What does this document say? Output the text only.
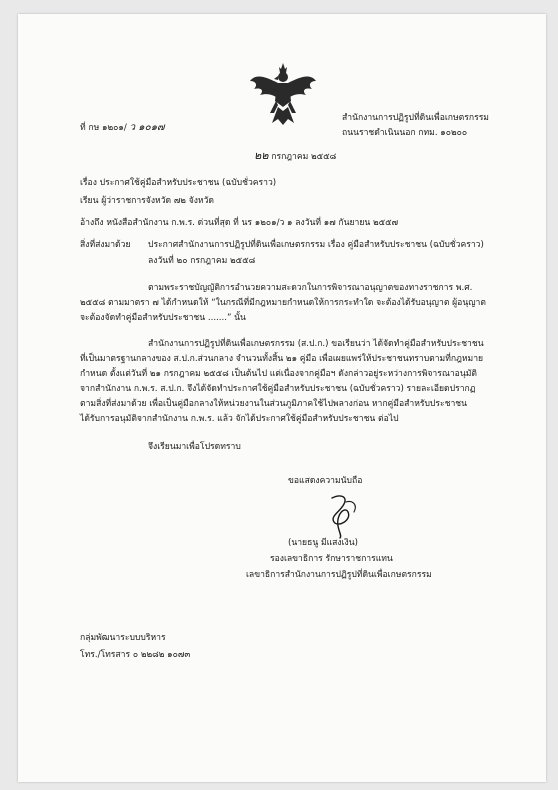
ที่ กษ ๑๒๐๑/ ว ๑๐๑๗
สำนักงานการปฏิรูปที่ดินเพื่อเกษตรกรรม
ถนนราชดำเนินนอก กทม. ๑๐๒๐๐
๒๒ กรกฎาคม ๒๕๕๘
เรื่อง ประกาศใช้คู่มือสำหรับประชาชน (ฉบับชั่วคราว)
เรียน ผู้ว่าราชการจังหวัด ๗๒ จังหวัด
อ้างถึง หนังสือสำนักงาน ก.พ.ร. ด่วนที่สุด ที่ นร ๑๒๐๑/ว ๑ ลงวันที่ ๑๗ กันยายน ๒๕๕๗
สิ่งที่ส่งมาด้วย ประกาศสำนักงานการปฏิรูปที่ดินเพื่อเกษตรกรรม เรื่อง คู่มือสำหรับประชาชน (ฉบับชั่วคราว)
ลงวันที่ ๒๐ กรกฎาคม ๒๕๕๘
ตามพระราชบัญญัติการอำนวยความสะดวกในการพิจารณาอนุญาตของทางราชการ พ.ศ.
๒๕๕๘ ตามมาตรา ๗ ได้กำหนดให้ “ในกรณีที่มีกฎหมายกำหนดให้การกระทำใด จะต้องได้รับอนุญาต ผู้อนุญาต
จะต้องจัดทำคู่มือสำหรับประชาชน .......” นั้น
สำนักงานการปฏิรูปที่ดินเพื่อเกษตรกรรม (ส.ป.ก.) ขอเรียนว่า ได้จัดทำคู่มือสำหรับประชาชน
ที่เป็นมาตรฐานกลางของ ส.ป.ก.ส่วนกลาง จำนวนทั้งสิ้น ๒๑ คู่มือ เพื่อเผยแพร่ให้ประชาชนทราบตามที่กฎหมาย
กำหนด ตั้งแต่วันที่ ๒๑ กรกฎาคม ๒๕๕๘ เป็นต้นไป แต่เนื่องจากคู่มือฯ ดังกล่าวอยู่ระหว่างการพิจารณาอนุมัติ
จากสำนักงาน ก.พ.ร. ส.ป.ก. จึงได้จัดทำประกาศใช้คู่มือสำหรับประชาชน (ฉบับชั่วคราว) รายละเอียดปรากฏ
ตามสิ่งที่ส่งมาด้วย เพื่อเป็นคู่มือกลางให้หน่วยงานในส่วนภูมิภาคใช้ไปพลางก่อน หากคู่มือสำหรับประชาชน
ได้รับการอนุมัติจากสำนักงาน ก.พ.ร. แล้ว จักได้ประกาศใช้คู่มือสำหรับประชาชน ต่อไป
จึงเรียนมาเพื่อโปรดทราบ
ขอแสดงความนับถือ
(นายธนู มีแสงเงิน)
รองเลขาธิการ รักษาราชการแทน
เลขาธิการสำนักงานการปฏิรูปที่ดินเพื่อเกษตรกรรม
กลุ่มพัฒนาระบบบริหาร
โทร./โทรสาร ๐ ๒๒๘๒ ๑๐๗๓
